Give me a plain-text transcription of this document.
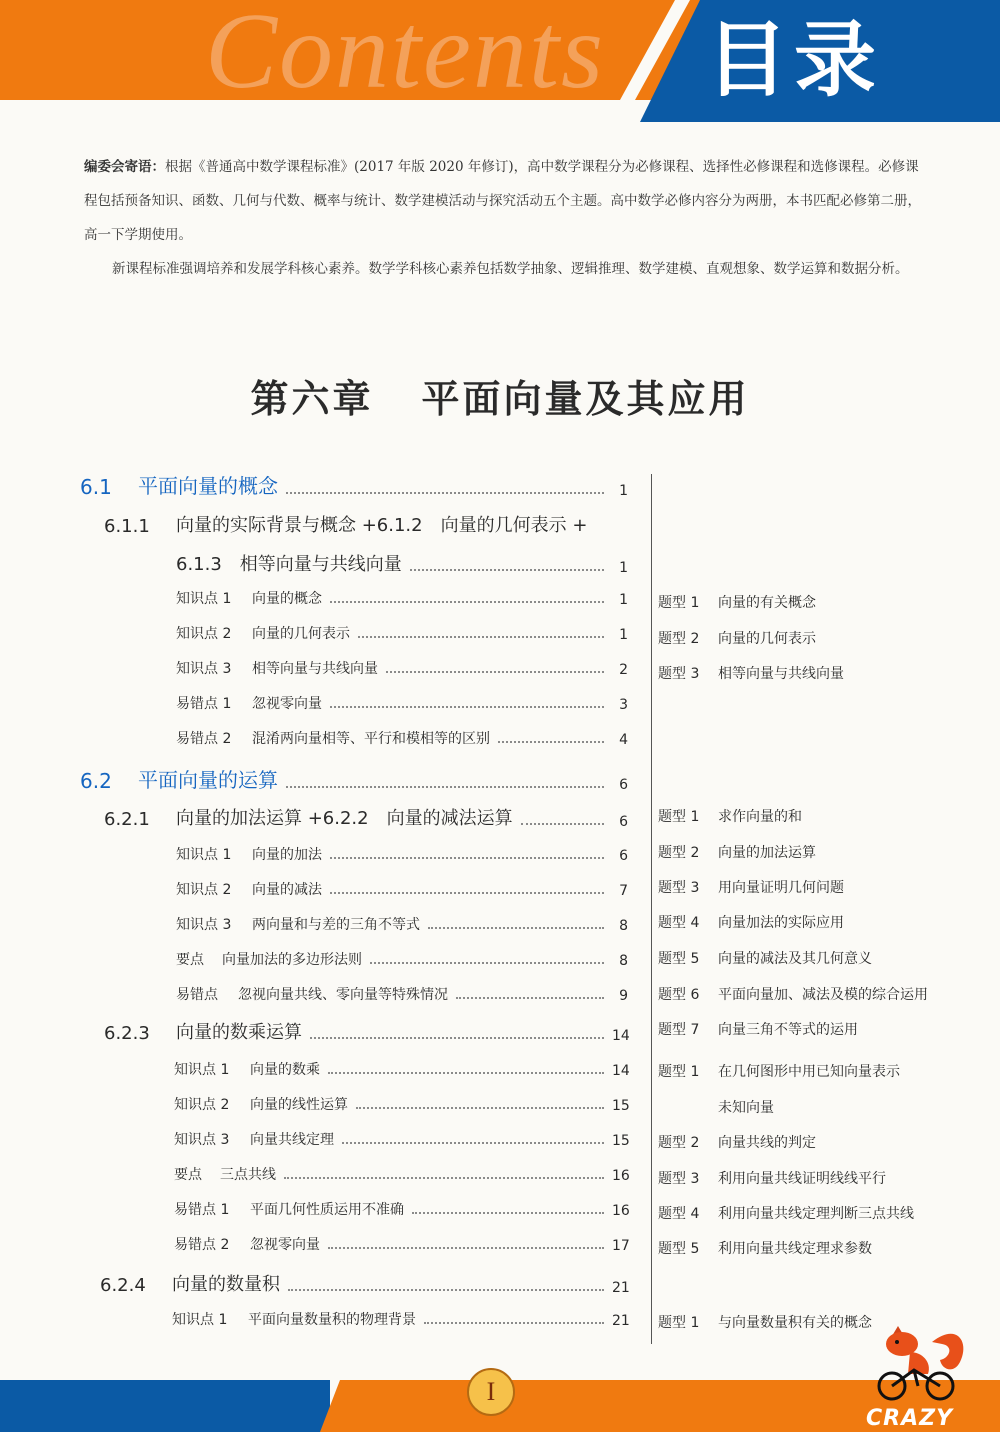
Contents 目录

编委会寄语：根据《普通高中数学课程标准》(2017 年版 2020 年修订)，高中数学课程分为必修课程、选择性必修课程和选修课程。必修课程包括预备知识、函数、几何与代数、概率与统计、数学建模活动与探究活动五个主题。高中数学必修内容分为两册，本书匹配必修第二册，高一下学期使用。

新课程标准强调培养和发展学科核心素养。数学学科核心素养包括数学抽象、逻辑推理、数学建模、直观想象、数学运算和数据分析。

第六章 平面向量及其应用
6.1	平面向量的概念	1
6.1.1	向量的实际背景与概念 +6.1.2　向量的几何表示 +
6.1.3　相等向量与共线向量	1
知识点 1	向量的概念	1
知识点 2	向量的几何表示	1
知识点 3	相等向量与共线向量	2
易错点 1	忽视零向量	3
易错点 2	混淆两向量相等、平行和模相等的区别	4
6.2	平面向量的运算	6
6.2.1	向量的加法运算 +6.2.2　向量的减法运算	6
知识点 1	向量的加法	6
知识点 2	向量的减法	7
知识点 3	两向量和与差的三角不等式	8
要点	向量加法的多边形法则	8
易错点	忽视向量共线、零向量等特殊情况	9
6.2.3	向量的数乘运算	14
知识点 1	向量的数乘	14
知识点 2	向量的线性运算	15
知识点 3	向量共线定理	15
要点	三点共线	16
易错点 1	平面几何性质运用不准确	16
易错点 2	忽视零向量	17
6.2.4	向量的数量积	21
知识点 1	平面向量数量积的物理背景	21
题型 1 向量的有关概念
题型 2 向量的几何表示
题型 3 相等向量与共线向量
题型 1 求作向量的和
题型 2 向量的加法运算
题型 3 用向量证明几何问题
题型 4 向量加法的实际应用
题型 5 向量的减法及其几何意义
题型 6 平面向量加、减法及模的综合运用
题型 7 向量三角不等式的运用
题型 1 在几何图形中用已知向量表示
未知向量
题型 2 向量共线的判定
题型 3 利用向量共线证明线线平行
题型 4 利用向量共线定理判断三点共线
题型 5 利用向量共线定理求参数
题型 1 与向量数量积有关的概念
I
CRAZY
